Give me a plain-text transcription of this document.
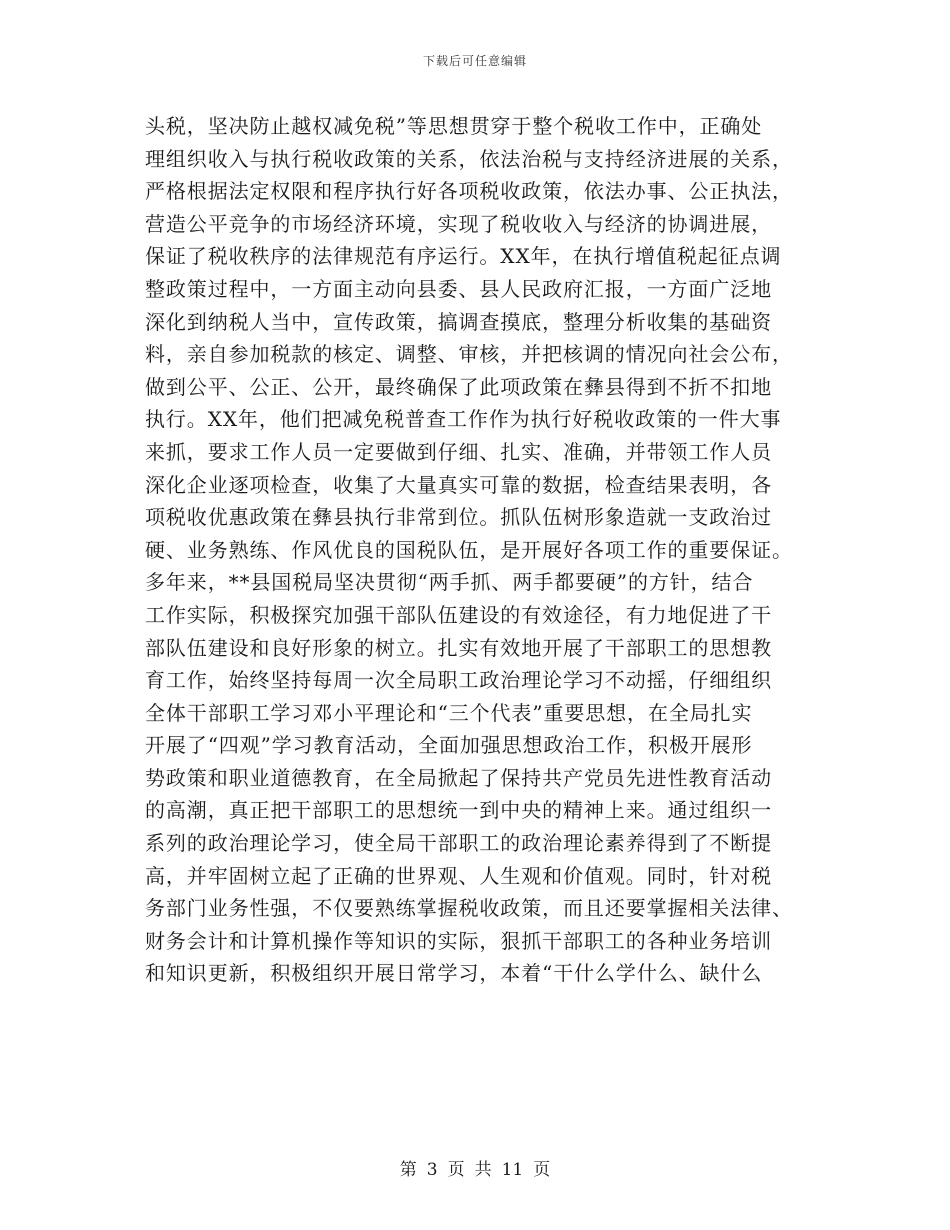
下载后可任意编辑
头税，坚决防止越权减免税”等思想贯穿于整个税收工作中，正确处
理组织收入与执行税收政策的关系，依法治税与支持经济进展的关系，
严格根据法定权限和程序执行好各项税收政策，依法办事、公正执法，
营造公平竞争的市场经济环境，实现了税收收入与经济的协调进展，
保证了税收秩序的法律规范有序运行。XX年，在执行增值税起征点调
整政策过程中，一方面主动向县委、县人民政府汇报，一方面广泛地
深化到纳税人当中，宣传政策，搞调查摸底，整理分析收集的基础资
料，亲自参加税款的核定、调整、审核，并把核调的情况向社会公布，
做到公平、公正、公开，最终确保了此项政策在彝县得到不折不扣地
执行。XX年，他们把减免税普查工作作为执行好税收政策的一件大事
来抓，要求工作人员一定要做到仔细、扎实、准确，并带领工作人员
深化企业逐项检查，收集了大量真实可靠的数据，检查结果表明，各
项税收优惠政策在彝县执行非常到位。抓队伍树形象造就一支政治过
硬、业务熟练、作风优良的国税队伍，是开展好各项工作的重要保证。
多年来，**县国税局坚决贯彻“两手抓、两手都要硬”的方针，结合
工作实际，积极探究加强干部队伍建设的有效途径，有力地促进了干
部队伍建设和良好形象的树立。扎实有效地开展了干部职工的思想教
育工作，始终坚持每周一次全局职工政治理论学习不动摇，仔细组织
全体干部职工学习邓小平理论和“三个代表”重要思想，在全局扎实
开展了“四观”学习教育活动，全面加强思想政治工作，积极开展形
势政策和职业道德教育，在全局掀起了保持共产党员先进性教育活动
的高潮，真正把干部职工的思想统一到中央的精神上来。通过组织一
系列的政治理论学习，使全局干部职工的政治理论素养得到了不断提
高，并牢固树立起了正确的世界观、人生观和价值观。同时，针对税
务部门业务性强，不仅要熟练掌握税收政策，而且还要掌握相关法律、
财务会计和计算机操作等知识的实际，狠抓干部职工的各种业务培训
和知识更新，积极组织开展日常学习，本着“干什么学什么、缺什么
第 3 页 共 11 页
